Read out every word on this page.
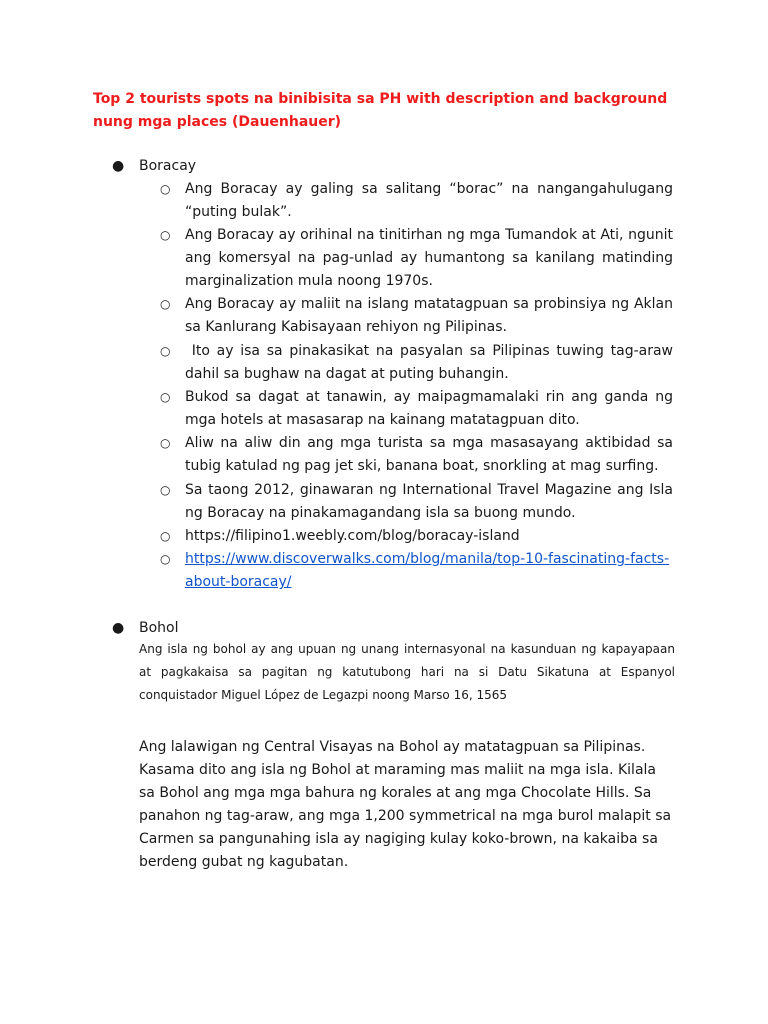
Top 2 tourists spots na binibisita sa PH with description and background nung mga places (Dauenhauer)
● Boracay
○ Ang Boracay ay galing sa salitang “borac” na nangangahulugang “puting bulak”.
○ Ang Boracay ay orihinal na tinitirhan ng mga Tumandok at Ati, ngunit ang komersyal na pag-unlad ay humantong sa kanilang matinding marginalization mula noong 1970s.
○ Ang Boracay ay maliit na islang matatagpuan sa probinsiya ng Aklan sa Kanlurang Kabisayaan rehiyon ng Pilipinas.
○ Ito ay isa sa pinakasikat na pasyalan sa Pilipinas tuwing tag-araw dahil sa bughaw na dagat at puting buhangin.
○ Bukod sa dagat at tanawin, ay maipagmamalaki rin ang ganda ng mga hotels at masasarap na kainang matatagpuan dito.
○ Aliw na aliw din ang mga turista sa mga masasayang aktibidad sa tubig katulad ng pag jet ski, banana boat, snorkling at mag surfing.
○ Sa taong 2012, ginawaran ng International Travel Magazine ang Isla ng Boracay na pinakamagandang isla sa buong mundo.
○ https://filipino1.weebly.com/blog/boracay-island
○ https://www.discoverwalks.com/blog/manila/top-10-fascinating-facts-about-boracay/
● Bohol
Ang isla ng bohol ay ang upuan ng unang internasyonal na kasunduan ng kapayapaan at pagkakaisa sa pagitan ng katutubong hari na si Datu Sikatuna at Espanyol conquistador Miguel López de Legazpi noong Marso 16, 1565
Ang lalawigan ng Central Visayas na Bohol ay matatagpuan sa Pilipinas. Kasama dito ang isla ng Bohol at maraming mas maliit na mga isla. Kilala sa Bohol ang mga mga bahura ng korales at ang mga Chocolate Hills. Sa panahon ng tag-araw, ang mga 1,200 symmetrical na mga burol malapit sa Carmen sa pangunahing isla ay nagiging kulay koko-brown, na kakaiba sa berdeng gubat ng kagubatan.
